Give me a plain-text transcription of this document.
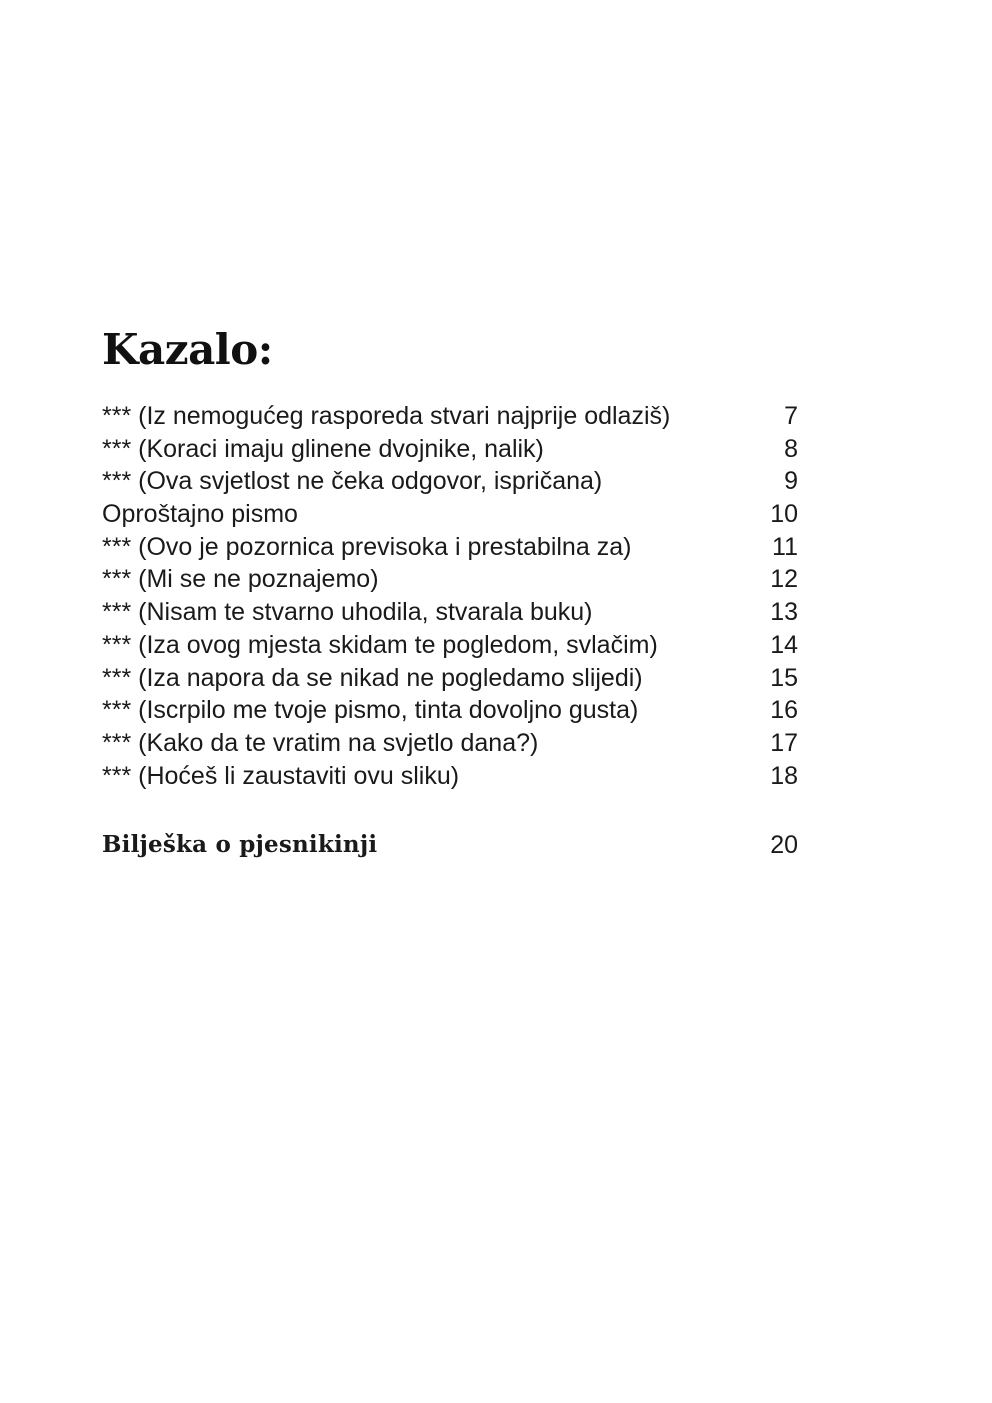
Kazalo:
*** (Iz nemogućeg rasporeda stvari najprije odlaziš)	7
*** (Koraci imaju glinene dvojnike, nalik)	8
*** (Ova svjetlost ne čeka odgovor, ispričana)	9
Oproštajno pismo	10
*** (Ovo je pozornica previsoka i prestabilna za)	11
*** (Mi se ne poznajemo)	12
*** (Nisam te stvarno uhodila, stvarala buku)	13
*** (Iza ovog mjesta skidam te pogledom, svlačim)	14
*** (Iza napora da se nikad ne pogledamo slijedi)	15
*** (Iscrpilo me tvoje pismo, tinta dovoljno gusta)	16
*** (Kako da te vratim na svjetlo dana?)	17
*** (Hoćeš li zaustaviti ovu sliku)	18
Bilješka o pjesnikinji	20
